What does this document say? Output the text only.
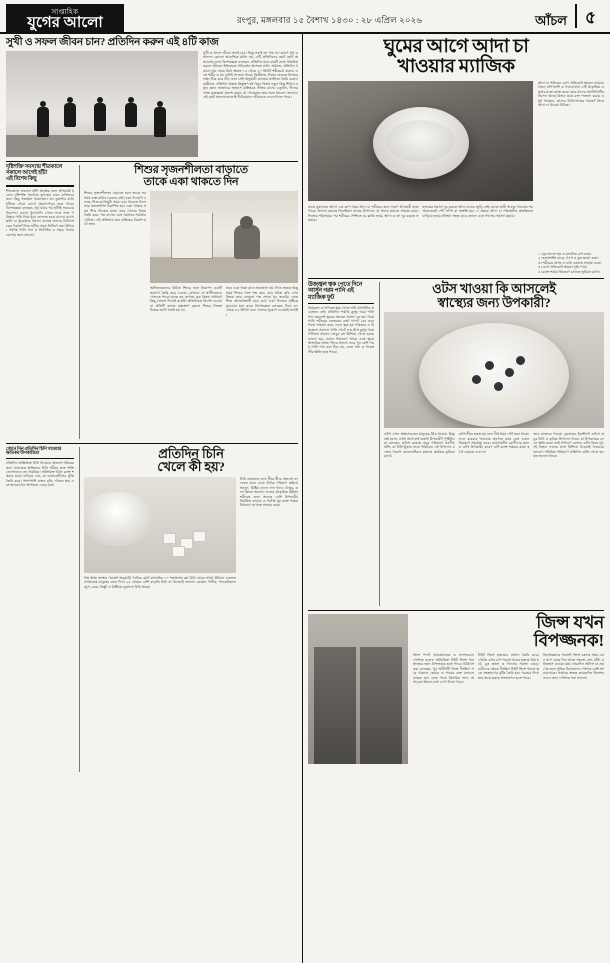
সাপ্তাহিক
যুগের আলো	রংপুর, মঙ্গলবার ১৫ বৈশাখ ১৪৩০ : ২৮ এপ্রিল ২০২৬	আঁচল	৫
সুখী ও সফল জীবন চান? প্রতিদিন করুন এই ৪টি কাজ
সুখী ও সফল জীবন সবাই চায়। কিন্তু সবাই তা পায় না। কারণ সুখ ও সাফল্য কোনো আকস্মিক ঘটনা নয়, এটি প্রতিদিনের ছোট ছোট অভ্যাসের ফল। বিশেষজ্ঞরা বলছেন, প্রতিদিন মাত্র চারটি কাজ নিয়মিত করলে জীবনে ইতিবাচক পরিবর্তন আসতে বাধ্য। প্রথমত, প্রতিদিন সকালে ঘুম থেকে উঠে অন্তত ১৫ থেকে ২০ মিনিট শরীরচর্চা করুন। এতে শরীর ও মন দুটোই সতেজ থাকে। দ্বিতীয়ত, দিনের শুরুতে নিজের লক্ষ্য ঠিক করে নিন এবং সেই অনুযায়ী কাজের তালিকা তৈরি করুন। তৃতীয়ত, প্রতিদিন অন্তত কিছুক্ষণ বই পড়ুন কিংবা নতুন কিছু শিখুন। নতুন জ্ঞান অর্জনের অভ্যাস মস্তিষ্ককে সক্রিয় রাখে। চতুর্থত, দিনের শেষে কৃতজ্ঞতা প্রকাশ করুন, যা পেয়েছেন তার জন্য ধন্যবাদ জানান। এই ছোট অভ্যাসগুলোই দীর্ঘমেয়াদে জীবনকে বদলে দিতে পারে।
দৃষ্টিশক্তি সমস্যায় শীতকালে
সকালে আগেই হাঁটা
এই বিশেষ কিছু
শীতকালে সকালে হাঁটা স্বাস্থ্যের জন্য উপকারী হলেও দৃষ্টিশক্তি সমস্যায় ভুগছেন এমন ব্যক্তিদের জন্য কিছু সতর্কতা প্রয়োজন। ঘন কুয়াশার মধ্যে হাঁটতে গেলে চোখে জ্বালাপোড়া হতে পারে। বিশেষজ্ঞরা বলছেন, সূর্য ওঠার পর হাঁটাই সবচেয়ে নিরাপদ। চোখে ধুলাবালি গেলে সঙ্গে সঙ্গে পরিষ্কার পানি দিয়ে ধুয়ে ফেলতে হবে। যাদের চোখে ছানি বা গ্লুকোমার সমস্যা রয়েছে তাদের চিকিৎসকের পরামর্শ নিয়ে হাঁটার সময় নির্ধারণ করা উচিত। পর্যাপ্ত পানি পান ও ভিটামিন এ সমৃদ্ধ খাবার চোখের জন্য ভালো।
শিশুর সৃজনশীলতা বাড়াতে
তাকে একা থাকতে দিন
শিশুর সৃজনশীলতা বাড়াতে হলে তাকে সব সময় ব্যস্ত রাখার দরকার নেই। বরং গবেষণা বলছে, শিশুকে কিছুটা সময় একা থাকতে দিলে তার কল্পনাশক্তি বিকশিত হয়। একা থাকার সময় শিশু নিজের মতো করে খেলার নিয়ম তৈরি করে, গল্প বানায় এবং সমস্যার সমাধান খোঁজে। এই প্রক্রিয়ায় তার মস্তিষ্কের বিকাশ ঘটে দ্রুত।
অভিভাবকদের উচিত শিশুর জন্য নিরাপদ একটি জায়গা তৈরি করে দেওয়া, যেখানে সে স্বাধীনভাবে খেলতে পারে। হাতে রং, কাগজ, ব্লক কিংবা সাধারণ কিছু খেলনা দিলেই যথেষ্ট। প্রতিনিয়ত নির্দেশ দেওয়া বা প্রতিটি কাজে হস্তক্ষেপ করলে শিশুর নিজস্ব চিন্তার জগৎ তৈরি হয় না।
তবে একা থাকা মানে অবহেলা নয়। দিনে অন্তত কিছু সময় শিশুর সঙ্গে গল্প করা, তার আঁকা ছবি দেখা কিংবা তার বানানো গল্প শোনা খুব জরুরি। এতে শিশু আত্মবিশ্বাসী হয়ে ওঠে এবং নিজের সৃষ্টিকে মূল্যবান মনে করে। বিশেষজ্ঞরা বলছেন, দিনে ৩০ থেকে ৪৫ মিনিট একা খেলার সুযোগ দেওয়াই যথেষ্ট।
জেনে নিন প্রতিদিন চিনি খাওয়ার ক্ষতিকর উপকারিতা
প্রতিদিন অতিরিক্ত চিনি খাওয়ার অভ্যাস শরীরের জন্য মারাত্মক ক্ষতিকর। চিনি শরীরে দ্রুত শক্তি জোগালেও তা সাময়িক। অতিরিক্ত চিনি রক্তে শর্করার মাত্রা বাড়িয়ে দেয়, যা ডায়াবেটিসের ঝুঁকি তৈরি করে। পাশাপাশি ওজন বৃদ্ধি, দাঁতের ক্ষয় এবং হৃদরোগের আশঙ্কাও বেড়ে যায়।
প্রতিদিন চিনি
খেলে কী হয়?
বিশ্ব স্বাস্থ্য সংস্থার পরামর্শ অনুযায়ী, দৈনিক মোট ক্যালরির ১০ শতাংশের কম চিনি থেকে আসা উচিত। একজন প্রাপ্তবয়স্ক মানুষের জন্য দিনে ২৫ গ্রামের বেশি বাড়তি চিনি না খাওয়াই ভালো। কোমল পানীয়, প্যাকেটজাত জুস, কেক, বিস্কুট ও মিষ্টিতে লুকানো চিনি থাকে।
চিনি কমানোর জন্য ধীরে ধীরে অভ্যাস বদলাতে হবে। চায়ে চিনির পরিমাণ কমিয়ে আনুন, মিষ্টির বদলে ফল খান। খেজুর, কলা কিংবা অন্যান্য ফলের প্রাকৃতিক মিষ্টতা শরীরের জন্য অনেক বেশি উপকারী। নিয়মিত ব্যায়াম ও পর্যাপ্ত ঘুম রক্তে শর্করা নিয়ন্ত্রণে রাখতে সাহায্য করে।
ঘুমের আগে আদা চা
খাওয়ার ম্যাজিক
রাতে ঘুমানোর আগে এক কাপ গরম আদা চা শরীরের জন্য দারুণ উপকারী হতে পারে। আদায় রয়েছে জিঞ্জেরল নামের উপাদান, যা প্রদাহ কমাতে সাহায্য করে। দিনভর পরিশ্রমের পর শরীরের পেশিতে যে ক্লান্তি জমে, আদা চা তা দূর করতে সহায়ক।
হজমের সমস্যা দূর করতে আদা চায়ের জুড়ি নেই। রাতে ভারী খাবার খাওয়ার পর অনেকেরই পেট ফাঁপা বা অস্বস্তি হয়। এ ক্ষেত্রে আদা চা পাকস্থলীর কার্যক্ষমতা বাড়িয়ে হজম প্রক্রিয়া সহজ করে তোলে এবং গ্যাসের সমস্যা কমায়।
আদা চা শরীরের রোগ প্রতিরোধ ক্ষমতা বাড়ায়। ঠান্ডা, সর্দি-কাশি ও গলাব্যথায় এটি প্রাকৃতিক ওষুধের মতো কাজ করে। তবে যাদের অ্যাসিডিটির সমস্যা আছে কিংবা যারা রক্ত পাতলা করার ওষুধ খাচ্ছেন, তাদের চিকিৎসকের পরামর্শ নিয়ে আদা চা খাওয়া উচিত।
১। ঘুম ভালো হয় ও মানসিক চাপ কমে।
২। হজমশক্তি বাড়ে, গ্যাস ও বুক জ্বালা কমে।
৩। শরীরের প্রদাহ ও ব্যথা কমাতে সাহায্য করে।
৪। রোগ প্রতিরোধ ক্ষমতা বৃদ্ধি পায়।
৫। রক্তে শর্করা নিয়ন্ত্রণে রাখতে ভূমিকা রাখে।
উজ্জ্বল ত্বক পেতে দিনে
আসুন গরম পানি এই
ম্যাজিক ফুট
উজ্জ্বল ও প্রাণবন্ত ত্বক পেতে দামি প্রসাধনীর প্রয়োজন নেই। প্রতিদিন পর্যাপ্ত কুসুম গরম পানি পান করলেই ত্বকের অনেক সমস্যা দূর হয়। গরম পানি শরীরের ভেতরের বর্জ্য পদার্থ বের করে দিতে সাহায্য করে, ফলে ত্বক হয় পরিষ্কার ও উজ্জ্বল। সকালে খালি পেটে এক গ্লাস কুসুম গরম পানিতে সামান্য লেবুর রস মিশিয়ে খেলে হজম ভালো হয়, ওজন নিয়ন্ত্রণে থাকে এবং ত্বকে স্বাভাবিক আভা ফিরে আসে। তবে খুব বেশি গরম পানি পান করা ঠিক নয়, এতে গলা ও পাকস্থলীর ক্ষতি হতে পারে।
ওটস খাওয়া কি আসলেই
স্বাস্থ্যের জন্য উপকারী?
ওটস এখন স্বাস্থ্যসচেতন মানুষের প্রিয় খাবার। কিন্তু প্রশ্ন হলো, ওটস আসলেই কতটা উপকারী? পুষ্টিবিদরা বলছেন, ওটসে রয়েছে প্রচুর পরিমাণে দ্রবণীয় আঁশ, যা বিটা-গ্লুকান নামে পরিচিত। এই উপাদান রক্তের খারাপ কোলেস্টেরল কমাতে কার্যকর ভূমিকা রাখে।
ওটস ধীরে হজম হয় বলে দীর্ঘ সময় পেট ভরা থাকে। ফলে বারবার খাওয়ার প্রবণতা কমে এবং ওজন নিয়ন্ত্রণে সহায়তা করে। ডায়াবেটিস রোগীদের জন্যও ওটস উপকারী, কারণ এটি রক্তে শর্করার মাত্রা হঠাৎ বাড়তে দেয় না।
তবে বাজারে পাওয়া ফ্লেভারড ইনস্ট্যান্ট ওটসে প্রচুর চিনি ও কৃত্রিম উপাদান থাকে, যা উপকারের বদলে ক্ষতি করে। তাই সাধারণ রোলড ওটস কিনে দুধ, দই কিংবা ফলের সঙ্গে মিশিয়ে খাওয়াই সবচেয়ে ভালো। পরিমিত পরিমাণে প্রতিদিন ওটস খেলে হৃদযন্ত্র ভালো থাকে।
জিন্স যখন
বিপজ্জনক!
জিন্স প্যান্ট আরামদায়ক ও ফ্যাশনেবল পোশাক হলেও অতিরিক্ত টাইট জিন্স পরা স্বাস্থ্যের জন্য বিপজ্জনক হতে পারে। চিকিৎসকরা বলছেন, খুব আঁটসাঁট জিন্স দীর্ঘক্ষণ পরে থাকলে কোমর ও পায়ের রক্ত চলাচল ব্যাহত হয়। এতে পায়ে ঝিনঝিন ভাব, অসাড়তা কিংবা ব্যথা দেখা দিতে পারে।
টাইট জিন্স হজমেও সমস্যা তৈরি করে। পেটের ওপর চাপ পড়ায় খাবার হজমে বিঘ্ন ঘটে, বুক জ্বালা ও গ্যাসের সমস্যা বাড়ে। নারীদের ক্ষেত্রে দীর্ঘক্ষণ টাইট জিন্স পরলে ত্বকে সংক্রমণের ঝুঁকি তৈরি হয়। গরমের দিনে ঘাম জমে ছত্রাক সংক্রমণও হতে পারে।
বিশেষজ্ঞদের পরামর্শ, জিন্স কেনার সময় এমন মাপ বেছে নিন যাতে সহজে বসা, হাঁটা ও নিঃশ্বাস নেওয়া যায়। সারাদিন অফিস বা ভ্রমণের জন্য সুতির ঢিলেঢালা পোশাক বেশি আরামদায়ক। সপ্তাহে অন্তত কয়েকদিন জিন্সের বদলে অন্য পোশাক পরা ভালো।
